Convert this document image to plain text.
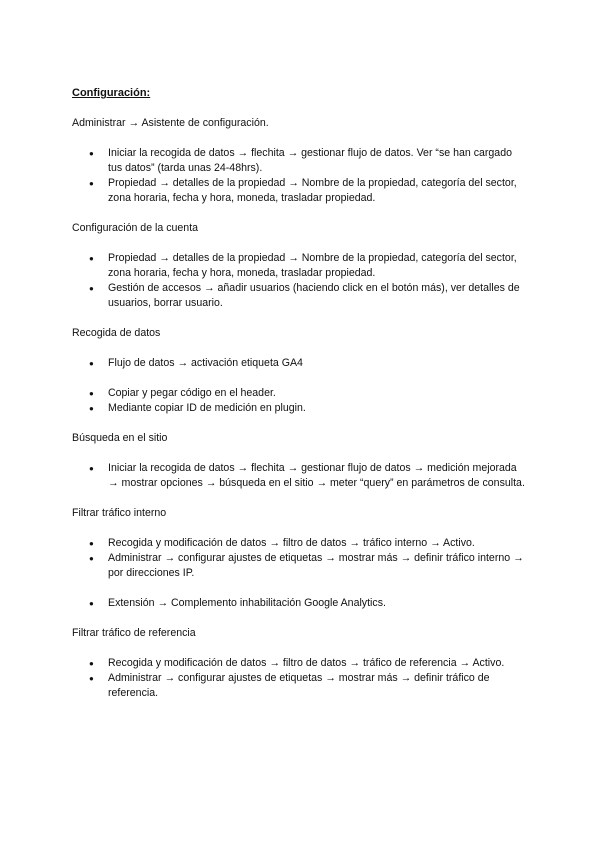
Configuración:
Administrar → Asistente de configuración.
● Iniciar la recogida de datos → flechita → gestionar flujo de datos. Ver “se han cargado tus datos” (tarda unas 24-48hrs).
● Propiedad → detalles de la propiedad → Nombre de la propiedad, categoría del sector, zona horaria, fecha y hora, moneda, trasladar propiedad.
Configuración de la cuenta
● Propiedad → detalles de la propiedad → Nombre de la propiedad, categoría del sector, zona horaria, fecha y hora, moneda, trasladar propiedad.
● Gestión de accesos → añadir usuarios (haciendo click en el botón más), ver detalles de usuarios, borrar usuario.
Recogida de datos
● Flujo de datos → activación etiqueta GA4
● Copiar y pegar código en el header.
● Mediante copiar ID de medición en plugin.
Búsqueda en el sitio
● Iniciar la recogida de datos → flechita → gestionar flujo de datos → medición mejorada → mostrar opciones → búsqueda en el sitio → meter “query” en parámetros de consulta.
Filtrar tráfico interno
● Recogida y modificación de datos → filtro de datos → tráfico interno → Activo.
● Administrar → configurar ajustes de etiquetas → mostrar más → definir tráfico interno → por direcciones IP.
● Extensión → Complemento inhabilitación Google Analytics.
Filtrar tráfico de referencia
● Recogida y modificación de datos → filtro de datos → tráfico de referencia → Activo.
● Administrar → configurar ajustes de etiquetas → mostrar más → definir tráfico de referencia.
